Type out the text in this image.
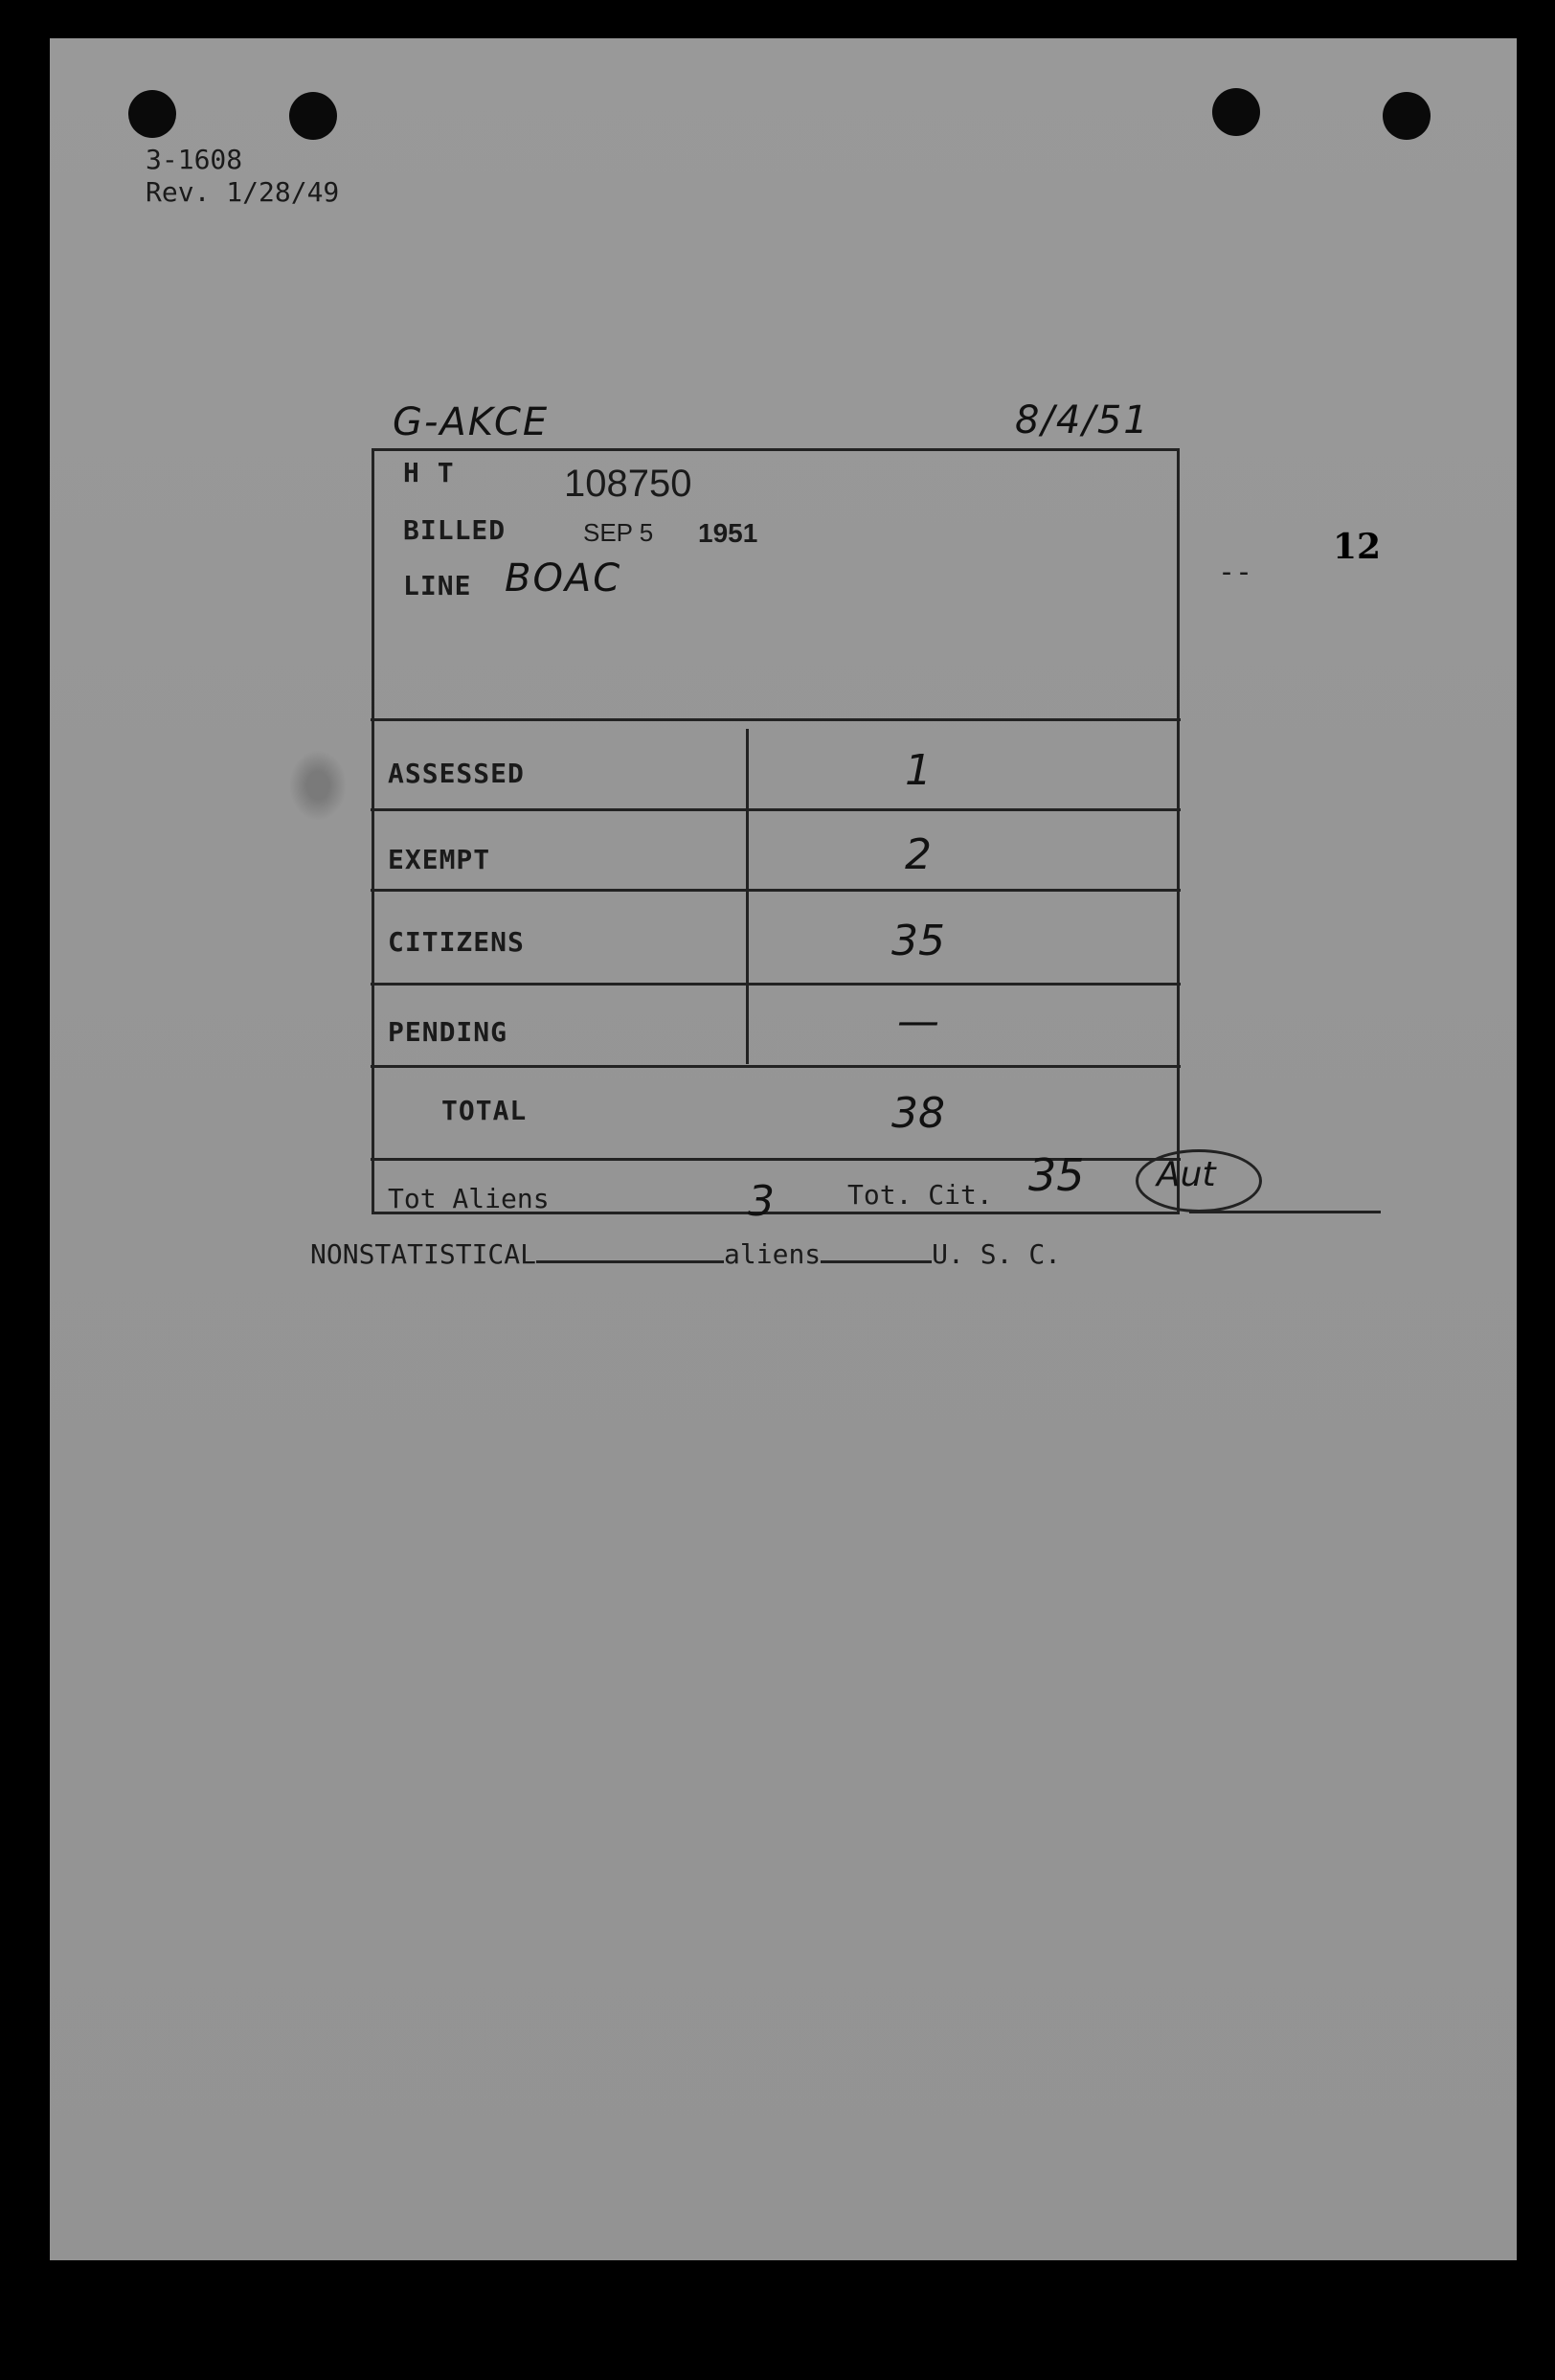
3-1608
Rev. 1/28/49
G-AKCE	8/4/51
--
12
H T	108750
BILLED	SEP 5 1951
LINE BOAC
ASSESSED	1
EXEMPT	2
CITIZENS	35
PENDING	—
TOTAL	38
Tot Aliens	3	Tot. Cit. 35 Aut
NONSTATISTICAL	aliens	U. S. C.
